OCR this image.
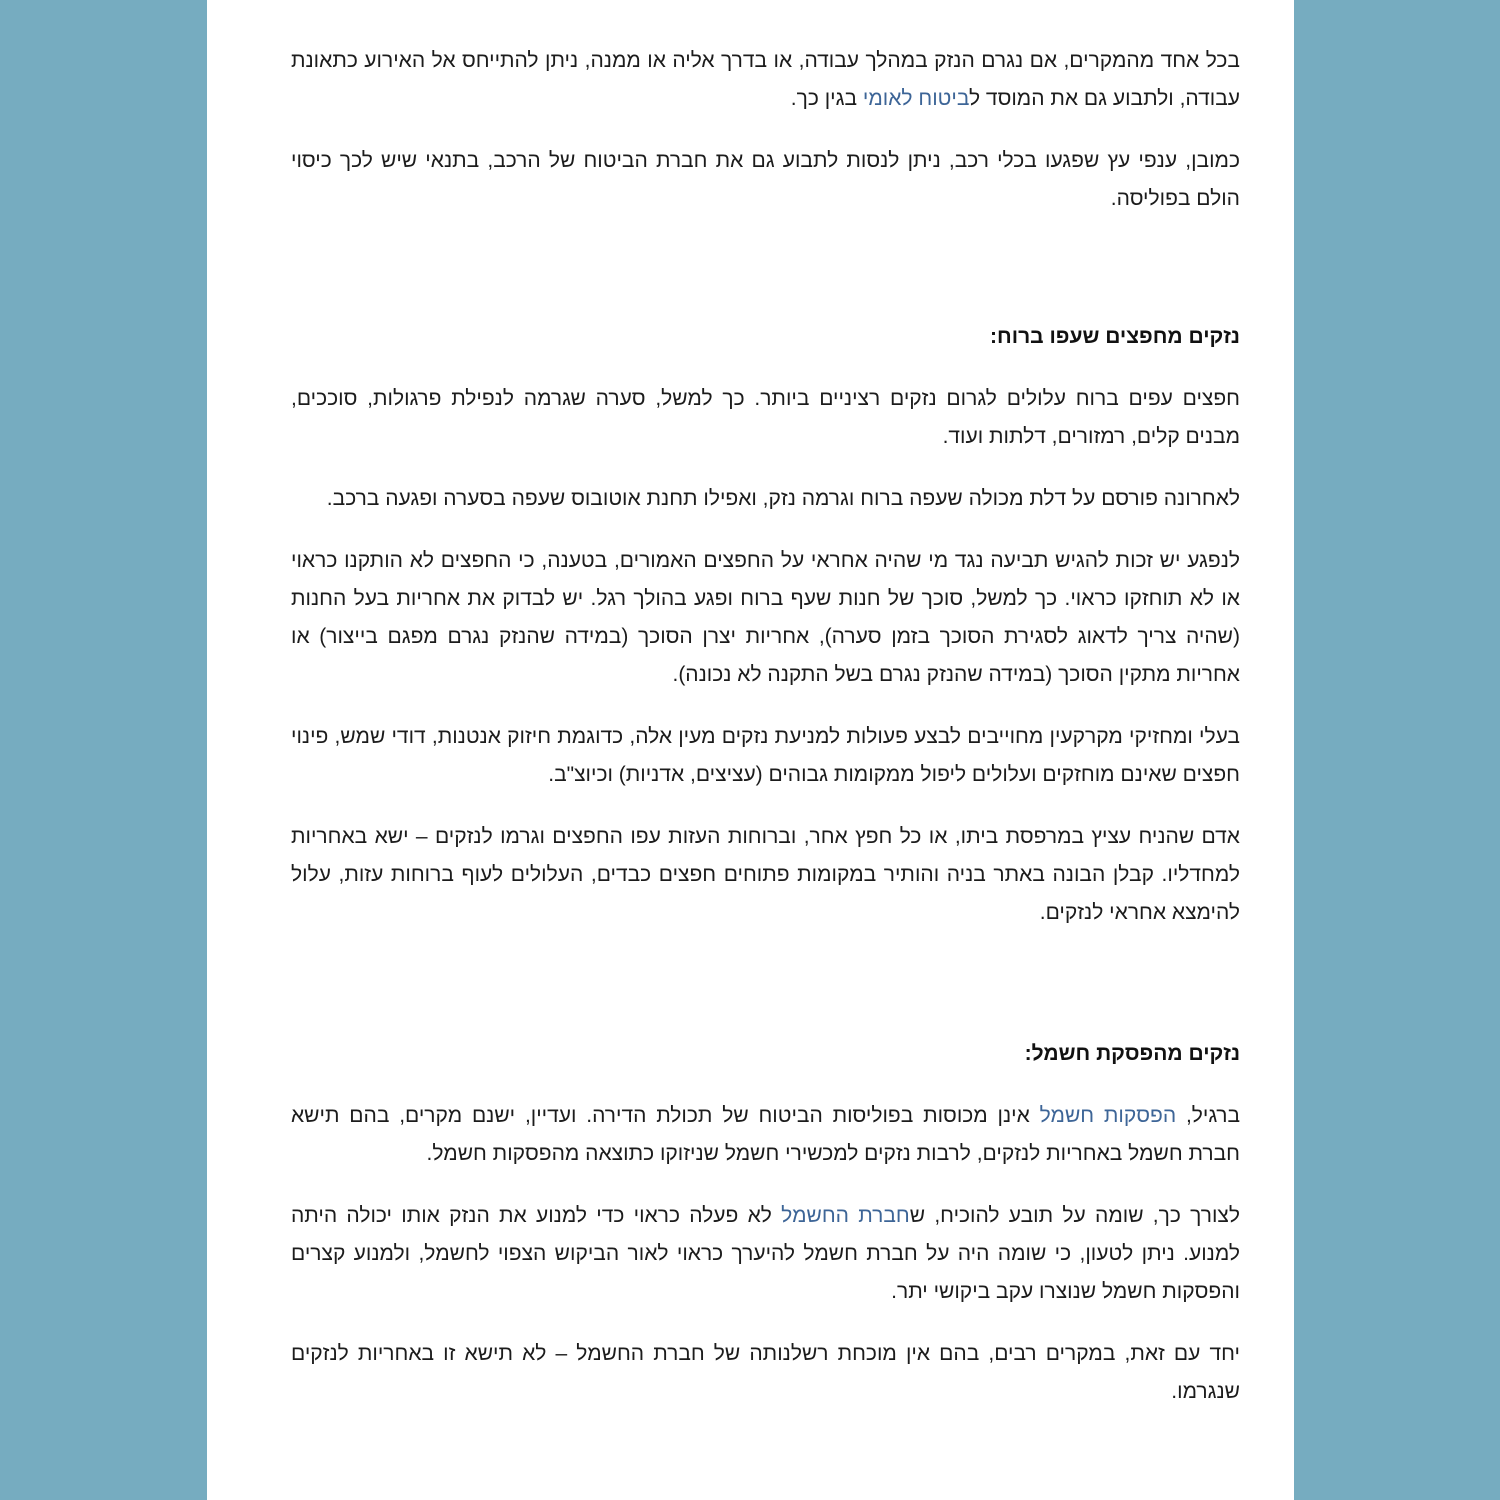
בכל אחד מהמקרים, אם נגרם הנזק במהלך עבודה, או בדרך אליה או ממנה, ניתן להתייחס אל האירוע כתאונת עבודה, ולתבוע גם את המוסד לביטוח לאומי בגין כך.

כמובן, ענפי עץ שפגעו בכלי רכב, ניתן לנסות לתבוע גם את חברת הביטוח של הרכב, בתנאי שיש לכך כיסוי הולם בפוליסה.

נזקים מחפצים שעפו ברוח:

חפצים עפים ברוח עלולים לגרום נזקים רציניים ביותר. כך למשל, סערה שגרמה לנפילת פרגולות, סוככים, מבנים קלים, רמזורים, דלתות ועוד.

לאחרונה פורסם על דלת מכולה שעפה ברוח וגרמה נזק, ואפילו תחנת אוטובוס שעפה בסערה ופגעה ברכב.

לנפגע יש זכות להגיש תביעה נגד מי שהיה אחראי על החפצים האמורים, בטענה, כי החפצים לא הותקנו כראוי או לא תוחזקו כראוי. כך למשל, סוכך של חנות שעף ברוח ופגע בהולך רגל. יש לבדוק את אחריות בעל החנות (שהיה צריך לדאוג לסגירת הסוכך בזמן סערה), אחריות יצרן הסוכך (במידה שהנזק נגרם מפגם בייצור) או אחריות מתקין הסוכך (במידה שהנזק נגרם בשל התקנה לא נכונה).

בעלי ומחזיקי מקרקעין מחוייבים לבצע פעולות למניעת נזקים מעין אלה, כדוגמת חיזוק אנטנות, דודי שמש, פינוי חפצים שאינם מוחזקים ועלולים ליפול ממקומות גבוהים (עציצים, אדניות) וכיוצ"ב.

אדם שהניח עציץ במרפסת ביתו, או כל חפץ אחר, וברוחות העזות עפו החפצים וגרמו לנזקים – ישא באחריות למחדליו. קבלן הבונה באתר בניה והותיר במקומות פתוחים חפצים כבדים, העלולים לעוף ברוחות עזות, עלול להימצא אחראי לנזקים.

נזקים מהפסקת חשמל:

ברגיל, הפסקות חשמל אינן מכוסות בפוליסות הביטוח של תכולת הדירה. ועדיין, ישנם מקרים, בהם תישא חברת חשמל באחריות לנזקים, לרבות נזקים למכשירי חשמל שניזוקו כתוצאה מהפסקות חשמל.

לצורך כך, שומה על תובע להוכיח, שחברת החשמל לא פעלה כראוי כדי למנוע את הנזק אותו יכולה היתה למנוע. ניתן לטעון, כי שומה היה על חברת חשמל להיערך כראוי לאור הביקוש הצפוי לחשמל, ולמנוע קצרים והפסקות חשמל שנוצרו עקב ביקושי יתר.

יחד עם זאת, במקרים רבים, בהם אין מוכחת רשלנותה של חברת החשמל – לא תישא זו באחריות לנזקים שנגרמו.
